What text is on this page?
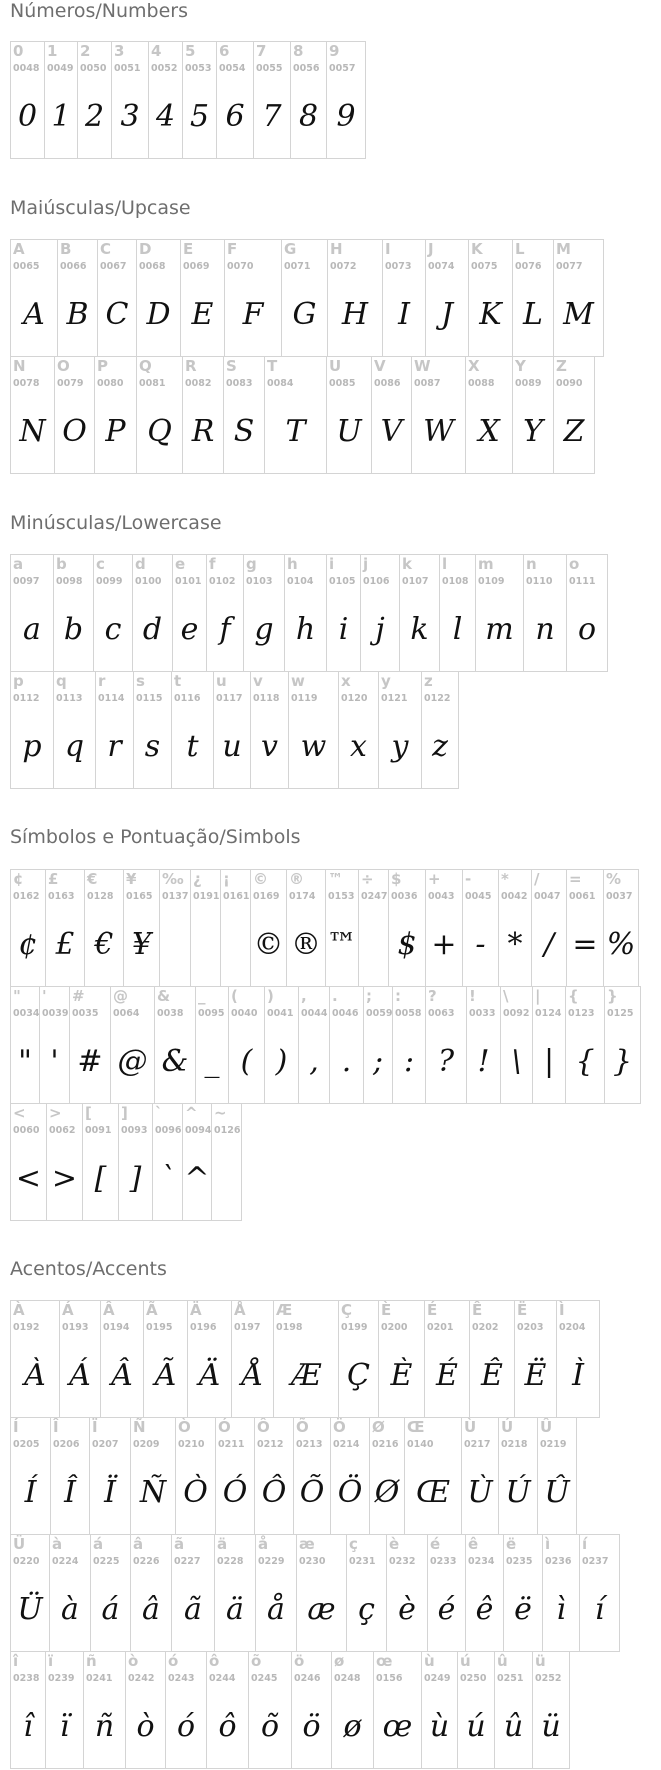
Números/Numbers
0
0048
0
1
0049
1
2
0050
2
3
0051
3
4
0052
4
5
0053
5
6
0054
6
7
0055
7
8
0056
8
9
0057
9
Maiúsculas/Upcase
A
0065
A
B
0066
B
C
0067
C
D
0068
D
E
0069
E
F
0070
F
G
0071
G
H
0072
H
I
0073
I
J
0074
J
K
0075
K
L
0076
L
M
0077
M
N
0078
N
O
0079
O
P
0080
P
Q
0081
Q
R
0082
R
S
0083
S
T
0084
T
U
0085
U
V
0086
V
W
0087
W
X
0088
X
Y
0089
Y
Z
0090
Z
Minúsculas/Lowercase
a
0097
a
b
0098
b
c
0099
c
d
0100
d
e
0101
e
f
0102
f
g
0103
g
h
0104
h
i
0105
i
j
0106
j
k
0107
k
l
0108
l
m
0109
m
n
0110
n
o
0111
o
p
0112
p
q
0113
q
r
0114
r
s
0115
s
t
0116
t
u
0117
u
v
0118
v
w
0119
w
x
0120
x
y
0121
y
z
0122
z
Símbolos e Pontuação/Simbols
¢
0162
¢
£
0163
£
€
0128
€
¥
0165
¥
‰
0137
¿
0191
¡
0161
©
0169
©
®
0174
®
™
0153
™
÷
0247
$
0036
$
+
0043
+
-
0045
-
*
0042
*
/
0047
/
=
0061
=
%
0037
%
"
0034
"
'
0039
'
#
0035
#
@
0064
@
&
0038
&
_
0095
_
(
0040
(
)
0041
)
,
0044
,
.
0046
.
;
0059
;
:
0058
:
?
0063
?
!
0033
!
\
0092
\
|
0124
|
{
0123
{
}
0125
}
<
0060
<
>
0062
>
[
0091
[
]
0093
]
`
0096
`
^
0094
^
~
0126
Acentos/Accents
À
0192
À
Á
0193
Á
Â
0194
Â
Ã
0195
Ã
Ä
0196
Ä
Å
0197
Å
Æ
0198
Æ
Ç
0199
Ç
È
0200
È
É
0201
É
Ê
0202
Ê
Ë
0203
Ë
Ì
0204
Ì
Í
0205
Í
Î
0206
Î
Ï
0207
Ï
Ñ
0209
Ñ
Ò
0210
Ò
Ó
0211
Ó
Ô
0212
Ô
Õ
0213
Õ
Ö
0214
Ö
Ø
0216
Ø
Œ
0140
Œ
Ù
0217
Ù
Ú
0218
Ú
Û
0219
Û
Ü
0220
Ü
à
0224
à
á
0225
á
â
0226
â
ã
0227
ã
ä
0228
ä
å
0229
å
æ
0230
æ
ç
0231
ç
è
0232
è
é
0233
é
ê
0234
ê
ë
0235
ë
ì
0236
ì
í
0237
í
î
0238
î
ï
0239
ï
ñ
0241
ñ
ò
0242
ò
ó
0243
ó
ô
0244
ô
õ
0245
õ
ö
0246
ö
ø
0248
ø
œ
0156
œ
ù
0249
ù
ú
0250
ú
û
0251
û
ü
0252
ü
